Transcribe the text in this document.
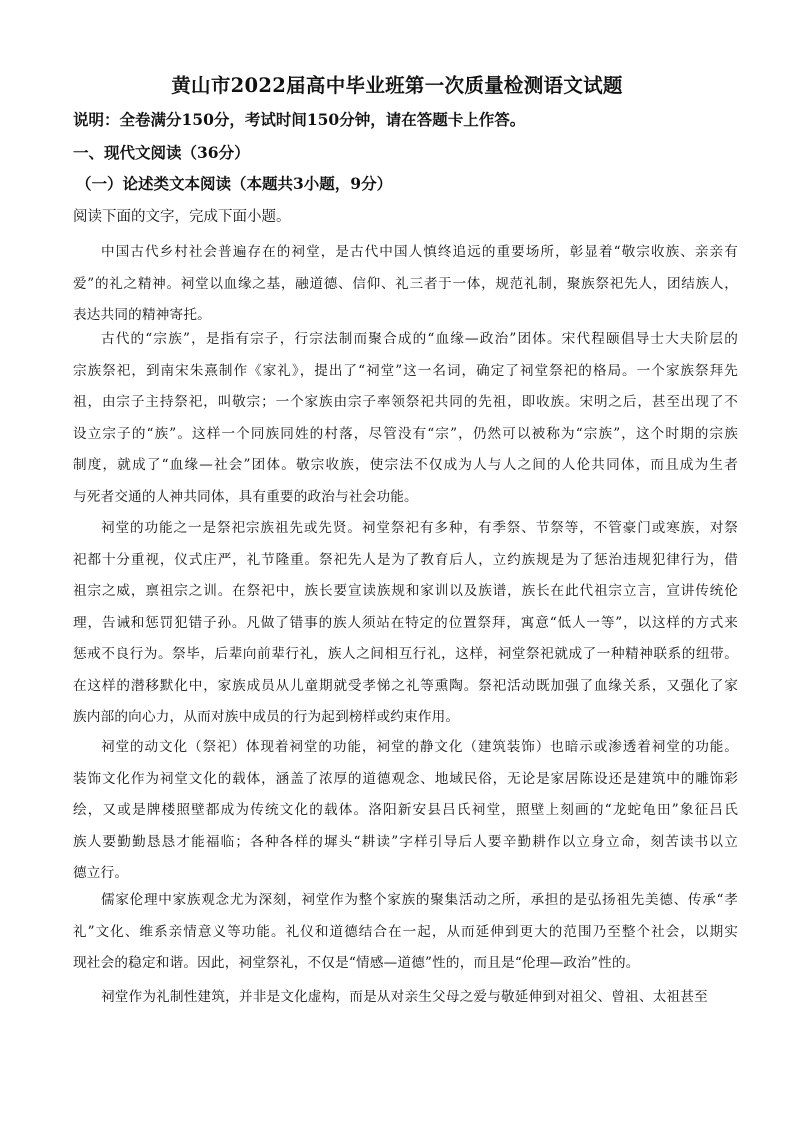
黄山市2022届高中毕业班第一次质量检测语文试题
说明：全卷满分150分，考试时间150分钟，请在答题卡上作答。
一、现代文阅读（36分）
（一）论述类文本阅读（本题共3小题，9分）
阅读下面的文字，完成下面小题。
中国古代乡村社会普遍存在的祠堂，是古代中国人慎终追远的重要场所，彰显着“敬宗收族、亲亲有
爱”的礼之精神。祠堂以血缘之基，融道德、信仰、礼三者于一体，规范礼制，聚族祭祀先人，团结族人，
表达共同的精神寄托。
古代的“宗族”，是指有宗子，行宗法制而聚合成的“血缘—政治”团体。宋代程颐倡导士大夫阶层的
宗族祭祀，到南宋朱熹制作《家礼》，提出了“祠堂”这一名词，确定了祠堂祭祀的格局。一个家族祭拜先
祖，由宗子主持祭祀，叫敬宗；一个家族由宗子率领祭祀共同的先祖，即收族。宋明之后，甚至出现了不
设立宗子的“族”。这样一个同族同姓的村落，尽管没有“宗”，仍然可以被称为“宗族”，这个时期的宗族
制度，就成了“血缘—社会”团体。敬宗收族，使宗法不仅成为人与人之间的人伦共同体，而且成为生者
与死者交通的人神共同体，具有重要的政治与社会功能。
祠堂的功能之一是祭祀宗族祖先或先贤。祠堂祭祀有多种，有季祭、节祭等，不管豪门或寒族，对祭
祀都十分重视，仪式庄严，礼节隆重。祭祀先人是为了教育后人，立约族规是为了惩治违规犯律行为，借
祖宗之威，禀祖宗之训。在祭祀中，族长要宣读族规和家训以及族谱，族长在此代祖宗立言，宣讲传统伦
理，告诫和惩罚犯错子孙。凡做了错事的族人须站在特定的位置祭拜，寓意“低人一等”，以这样的方式来
惩戒不良行为。祭毕，后辈向前辈行礼，族人之间相互行礼，这样，祠堂祭祀就成了一种精神联系的纽带。
在这样的潜移默化中，家族成员从儿童期就受孝悌之礼等熏陶。祭祀活动既加强了血缘关系，又强化了家
族内部的向心力，从而对族中成员的行为起到榜样或约束作用。
祠堂的动文化（祭祀）体现着祠堂的功能，祠堂的静文化（建筑装饰）也暗示或渗透着祠堂的功能。
装饰文化作为祠堂文化的载体，涵盖了浓厚的道德观念、地域民俗，无论是家居陈设还是建筑中的雕饰彩
绘，又或是牌楼照壁都成为传统文化的载体。洛阳新安县吕氏祠堂，照壁上刻画的“龙蛇龟田”象征吕氏
族人要勤勤恳恳才能福临；各种各样的墀头“耕读”字样引导后人要辛勤耕作以立身立命，刻苦读书以立
德立行。
儒家伦理中家族观念尤为深刻，祠堂作为整个家族的聚集活动之所，承担的是弘扬祖先美德、传承“孝
礼”文化、维系亲情意义等功能。礼仪和道德结合在一起，从而延伸到更大的范围乃至整个社会，以期实
现社会的稳定和谐。因此，祠堂祭礼，不仅是“情感—道德”性的，而且是“伦理—政治”性的。
祠堂作为礼制性建筑，并非是文化虚构，而是从对亲生父母之爱与敬延伸到对祖父、曾祖、太祖甚至
